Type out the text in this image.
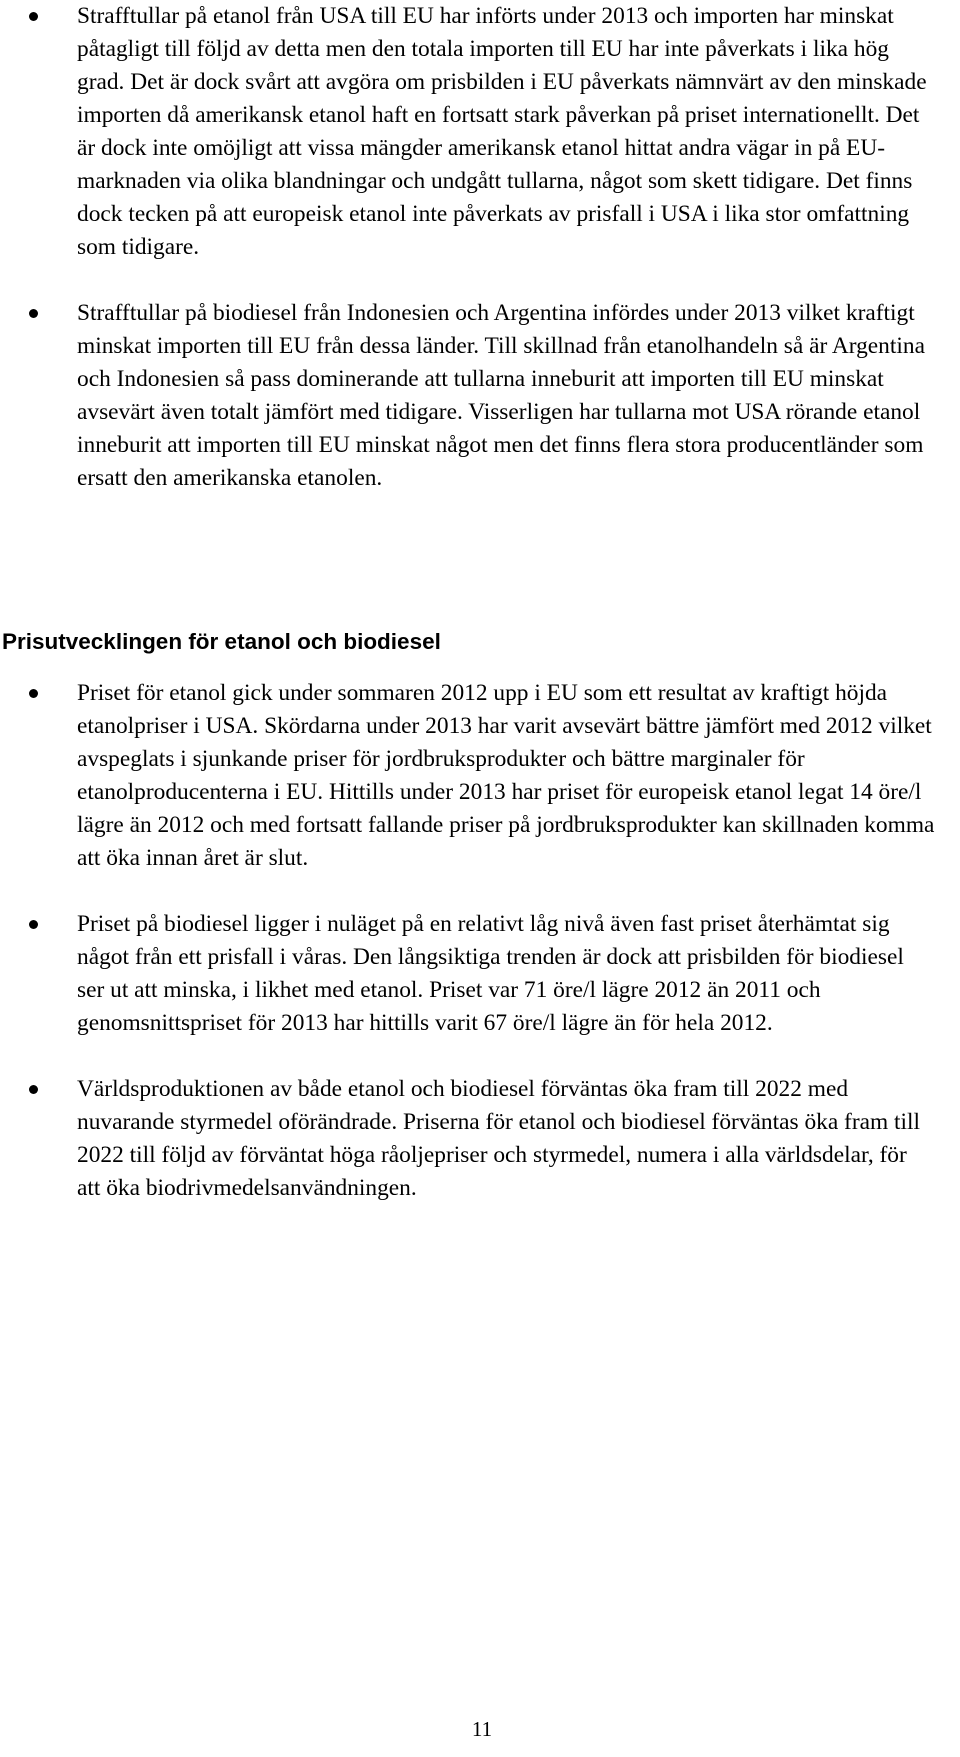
Strafftullar på etanol från USA till EU har införts under 2013 och importen har minskat påtagligt till följd av detta men den totala importen till EU har inte påverkats i lika hög grad. Det är dock svårt att avgöra om prisbilden i EU påverkats nämnvärt av den minskade importen då amerikansk etanol haft en fortsatt stark påverkan på priset internationellt. Det är dock inte omöjligt att vissa mängder amerikansk etanol hittat andra vägar in på EU-marknaden via olika blandningar och undgått tullarna, något som skett tidigare. Det finns dock tecken på att europeisk etanol inte påverkats av prisfall i USA i lika stor omfattning som tidigare.
Strafftullar på biodiesel från Indonesien och Argentina infördes under 2013 vilket kraftigt minskat importen till EU från dessa länder. Till skillnad från etanolhandeln så är Argentina och Indonesien så pass dominerande att tullarna inneburit att importen till EU minskat avsevärt även totalt jämfört med tidigare. Visserligen har tullarna mot USA rörande etanol inneburit att importen till EU minskat något men det finns flera stora producentländer som ersatt den amerikanska etanolen.
Prisutvecklingen för etanol och biodiesel
Priset för etanol gick under sommaren 2012 upp i EU som ett resultat av kraftigt höjda etanolpriser i USA. Skördarna under 2013 har varit avsevärt bättre jämfört med 2012 vilket avspeglats i sjunkande priser för jordbruksprodukter och bättre marginaler för etanolproducenterna i EU. Hittills under 2013 har priset för europeisk etanol legat 14 öre/l lägre än 2012 och med fortsatt fallande priser på jordbruksprodukter kan skillnaden komma att öka innan året är slut.
Priset på biodiesel ligger i nuläget på en relativt låg nivå även fast priset återhämtat sig något från ett prisfall i våras. Den långsiktiga trenden är dock att prisbilden för biodiesel ser ut att minska, i likhet med etanol. Priset var 71 öre/l lägre 2012 än 2011 och genomsnittspriset för 2013 har hittills varit 67 öre/l lägre än för hela 2012.
Världsproduktionen av både etanol och biodiesel förväntas öka fram till 2022 med nuvarande styrmedel oförändrade. Priserna för etanol och biodiesel förväntas öka fram till 2022 till följd av förväntat höga råoljepriser och styrmedel, numera i alla världsdelar, för att öka biodrivmedelsanvändningen.
11
